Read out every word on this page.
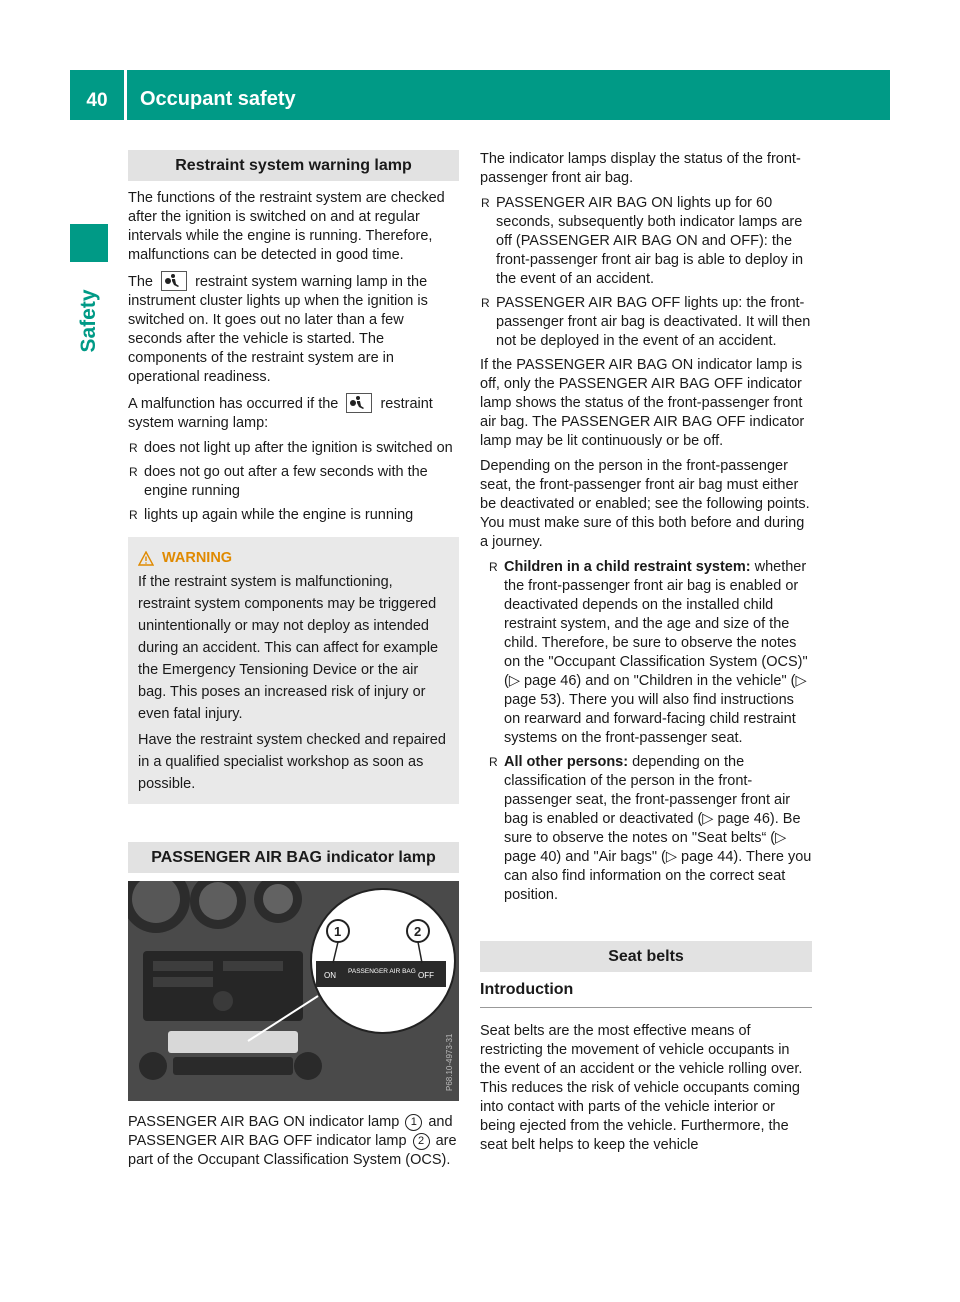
40	Occupant safety
Safety
Restraint system warning lamp

The functions of the restraint system are checked after the ignition is switched on and at regular intervals while the engine is running. Therefore, malfunctions can be detected in good time.

The	restraint system warning lamp in the instrument cluster lights up when the ignition is switched on. It goes out no later than a few seconds after the vehicle is started. The components of the restraint system are in operational readiness.

A malfunction has occurred if the	restraint system warning lamp:

R does not light up after the ignition is switched on
R does not go out after a few seconds with the engine running
R lights up again while the engine is running
WARNING

If the restraint system is malfunctioning, restraint system components may be triggered unintentionally or may not deploy as intended during an accident. This can affect for example the Emergency Tensioning Device or the air bag. This poses an increased risk of injury or even fatal injury.

Have the restraint system checked and repaired in a qualified specialist workshop as soon as possible.

PASSENGER AIR BAG indicator lamp
ON PASSENGER AIR BAG OFF
1	2
P68.10-4973-31

PASSENGER AIR BAG ON indicator lamp 1 and PASSENGER AIR BAG OFF indicator lamp 2 are part of the Occupant Classification System (OCS).

The indicator lamps display the status of the front-passenger front air bag.

R PASSENGER AIR BAG ON lights up for 60 seconds, subsequently both indicator lamps are off (PASSENGER AIR BAG ON and OFF): the front-passenger front air bag is able to deploy in the event of an accident.
R PASSENGER AIR BAG OFF lights up: the front-passenger front air bag is deactivated. It will then not be deployed in the event of an accident.

If the PASSENGER AIR BAG ON indicator lamp is off, only the PASSENGER AIR BAG OFF indicator lamp shows the status of the front-passenger front air bag. The PASSENGER AIR BAG OFF indicator lamp may be lit continuously or be off.

Depending on the person in the front-passenger seat, the front-passenger front air bag must either be deactivated or enabled; see the following points. You must make sure of this both before and during a journey.

R Children in a child restraint system: whether the front-passenger front air bag is enabled or deactivated depends on the installed child restraint system, and the age and size of the child. Therefore, be sure to observe the notes on the "Occupant Classification System (OCS)" (▷ page 46) and on "Children in the vehicle" (▷ page 53). There you will also find instructions on rearward and forward-facing child restraint systems on the front-passenger seat.
R All other persons: depending on the classification of the person in the front-passenger seat, the front-passenger front air bag is enabled or deactivated (▷ page 46). Be sure to observe the notes on "Seat belts“ (▷ page 40) and "Air bags" (▷ page 44). There you can also find information on the correct seat position.
Seat belts
Introduction

Seat belts are the most effective means of restricting the movement of vehicle occupants in the event of an accident or the vehicle rolling over. This reduces the risk of vehicle occupants coming into contact with parts of the vehicle interior or being ejected from the vehicle. Furthermore, the seat belt helps to keep the vehicle
